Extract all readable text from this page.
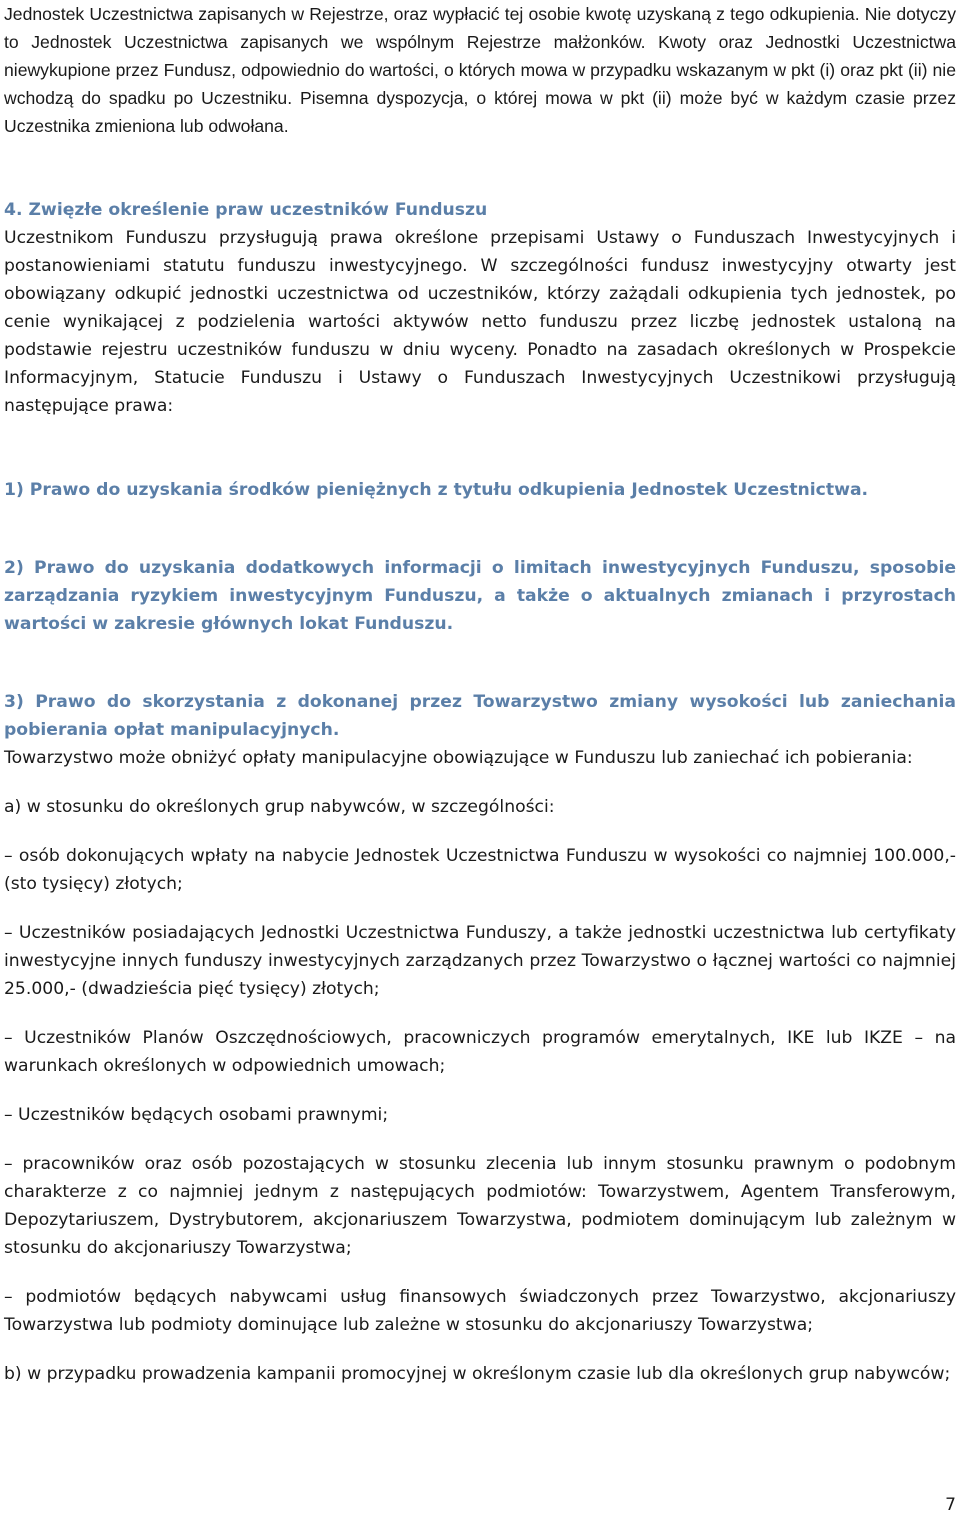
Jednostek Uczestnictwa zapisanych w Rejestrze, oraz wypłacić tej osobie kwotę uzyskaną z tego odkupienia. Nie dotyczy to Jednostek Uczestnictwa zapisanych we wspólnym Rejestrze małżonków. Kwoty oraz Jednostki Uczestnictwa niewykupione przez Fundusz, odpowiednio do wartości, o których mowa w przypadku wskazanym w pkt (i) oraz pkt (ii) nie wchodzą do spadku po Uczestniku. Pisemna dyspozycja, o której mowa w pkt (ii) może być w każdym czasie przez Uczestnika zmieniona lub odwołana.

4. Zwięzłe określenie praw uczestników Funduszu

Uczestnikom Funduszu przysługują prawa określone przepisami Ustawy o Funduszach Inwestycyjnych i postanowieniami statutu funduszu inwestycyjnego. W szczególności fundusz inwestycyjny otwarty jest obowiązany odkupić jednostki uczestnictwa od uczestników, którzy zażądali odkupienia tych jednostek, po cenie wynikającej z podzielenia wartości aktywów netto funduszu przez liczbę jednostek ustaloną na podstawie rejestru uczestników funduszu w dniu wyceny. Ponadto na zasadach określonych w Prospekcie Informacyjnym, Statucie Funduszu i Ustawy o Funduszach Inwestycyjnych Uczestnikowi przysługują następujące prawa:

1) Prawo do uzyskania środków pieniężnych z tytułu odkupienia Jednostek Uczestnictwa.

2) Prawo do uzyskania dodatkowych informacji o limitach inwestycyjnych Funduszu, sposobie zarządzania ryzykiem inwestycyjnym Funduszu, a także o aktualnych zmianach i przyrostach wartości w zakresie głównych lokat Funduszu.

3) Prawo do skorzystania z dokonanej przez Towarzystwo zmiany wysokości lub zaniechania pobierania opłat manipulacyjnych.

Towarzystwo może obniżyć opłaty manipulacyjne obowiązujące w Funduszu lub zaniechać ich pobierania:

a) w stosunku do określonych grup nabywców, w szczególności:

– osób dokonujących wpłaty na nabycie Jednostek Uczestnictwa Funduszu w wysokości co najmniej 100.000,- (sto tysięcy) złotych;

– Uczestników posiadających Jednostki Uczestnictwa Funduszy, a także jednostki uczestnictwa lub certyfikaty inwestycyjne innych funduszy inwestycyjnych zarządzanych przez Towarzystwo o łącznej wartości co najmniej 25.000,- (dwadzieścia pięć tysięcy) złotych;

– Uczestników Planów Oszczędnościowych, pracowniczych programów emerytalnych, IKE lub IKZE – na warunkach określonych w odpowiednich umowach;

– Uczestników będących osobami prawnymi;

– pracowników oraz osób pozostających w stosunku zlecenia lub innym stosunku prawnym o podobnym charakterze z co najmniej jednym z następujących podmiotów: Towarzystwem, Agentem Transferowym, Depozytariuszem, Dystrybutorem, akcjonariuszem Towarzystwa, podmiotem dominującym lub zależnym w stosunku do akcjonariuszy Towarzystwa;

– podmiotów będących nabywcami usług finansowych świadczonych przez Towarzystwo, akcjonariuszy Towarzystwa lub podmioty dominujące lub zależne w stosunku do akcjonariuszy Towarzystwa;

b) w przypadku prowadzenia kampanii promocyjnej w określonym czasie lub dla określonych grup nabywców;

7
